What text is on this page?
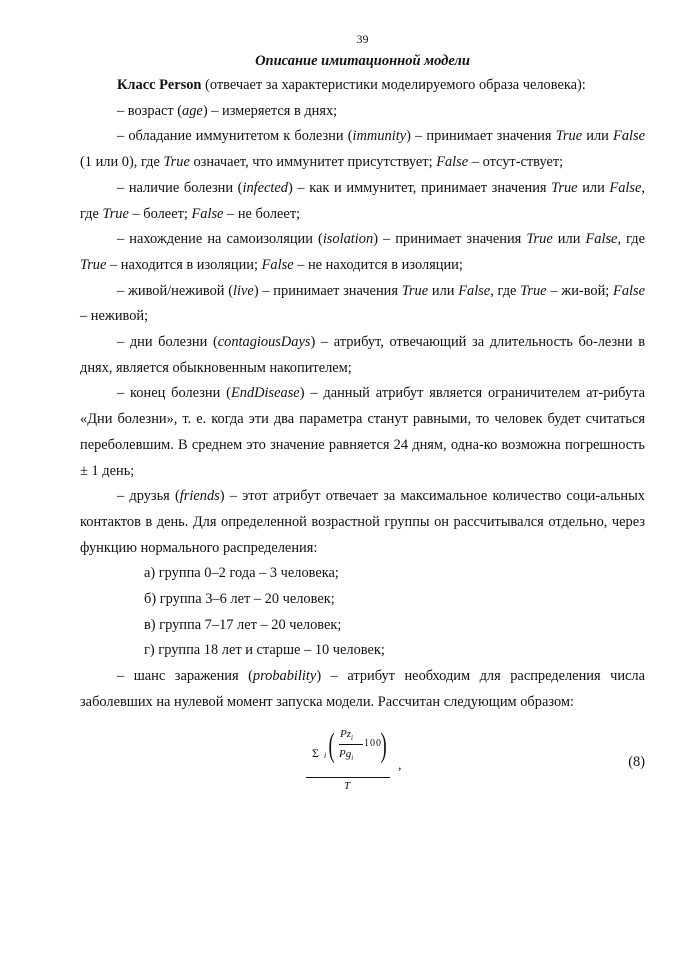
39
Описание имитационной модели

Класс Person (отвечает за характеристики моделируемого образа человека):

– возраст (age) – измеряется в днях;

– обладание иммунитетом к болезни (immunity) – принимает значения True или False (1 или 0), где True означает, что иммунитет присутствует; False – отсут-ствует;

– наличие болезни (infected) – как и иммунитет, принимает значения True или False, где True – болеет; False – не болеет;

– нахождение на самоизоляции (isolation) – принимает значения True или False, где True – находится в изоляции; False – не находится в изоляции;

– живой/неживой (live) – принимает значения True или False, где True – жи-вой; False – неживой;

– дни болезни (contagiousDays) – атрибут, отвечающий за длительность бо-лезни в днях, является обыкновенным накопителем;

– конец болезни (EndDisease) – данный атрибут является ограничителем ат-рибута «Дни болезни», т. е. когда эти два параметра станут равными, то человек будет считаться переболевшим. В среднем это значение равняется 24 дням, одна-ко возможна погрешность ± 1 день;

– друзья (friends) – этот атрибут отвечает за максимальное количество соци-альных контактов в день. Для определенной возрастной группы он рассчитывался отдельно, через функцию нормального распределения:

а) группа 0–2 года – 3 человека;

б) группа 3–6 лет – 20 человек;

в) группа 7–17 лет – 20 человек;

г) группа 18 лет и старше – 10 человек;

– шанс заражения (probability) – атрибут необходим для распределения числа заболевших на нулевой момент запуска модели. Рассчитан следующим образом:

Σ i ( $Pz_i$
$Pg_i$
100
)
T
,	(8)
